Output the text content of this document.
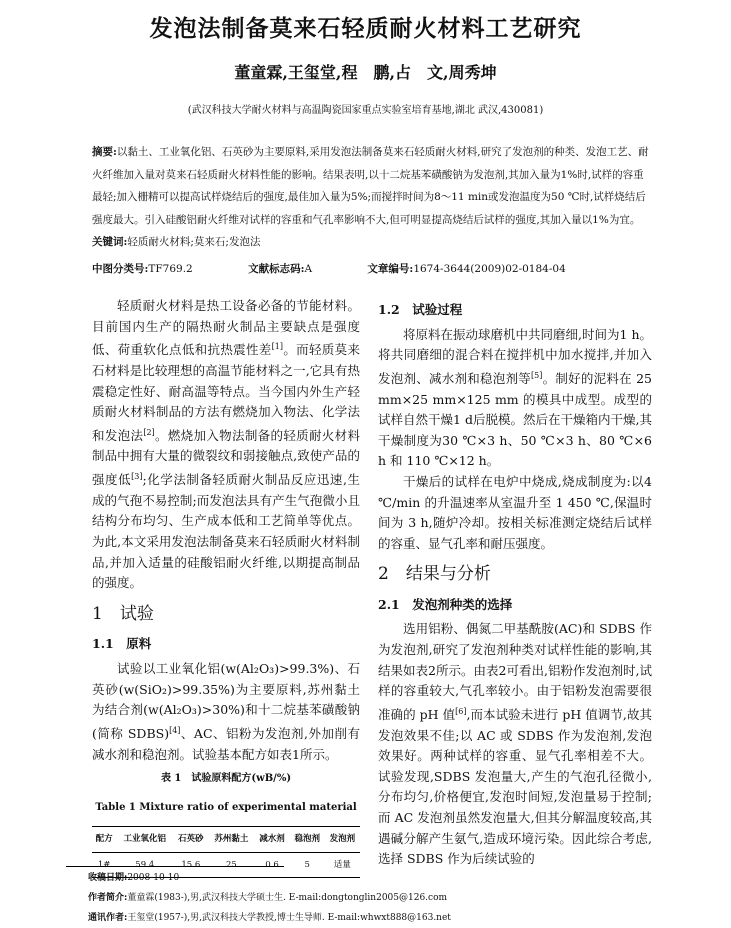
发泡法制备莫来石轻质耐火材料工艺研究
董童霖,王玺堂,程　鹏,占　文,周秀坤
(武汉科技大学耐火材料与高温陶瓷国家重点实验室培育基地,湖北 武汉,430081)

摘要:以黏土、工业氧化铝、石英砂为主要原料,采用发泡法制备莫来石轻质耐火材料,研究了发泡剂的种类、发泡工艺、耐火纤维加入量对莫来石轻质耐火材料性能的影响。结果表明,以十二烷基苯磺酸钠为发泡剂,其加入量为1%时,试样的容重最轻;加入栅精可以提高试样烧结后的强度,最佳加入量为5%;而搅拌时间为8～11 min或发泡温度为50 ℃时,试样烧结后强度最大。引入硅酸铝耐火纤维对试样的容重和气孔率影响不大,但可明显提高烧结后试样的强度,其加入量以1%为宜。

关键词:轻质耐火材料;莫来石;发泡法

中图分类号:TF769.2	文献标志码:A	文章编号:1674-3644(2009)02-0184-04

轻质耐火材料是热工设备必备的节能材料。目前国内生产的隔热耐火制品主要缺点是强度低、荷重软化点低和抗热震性差[1]。而轻质莫来石材料是比较理想的高温节能材料之一,它具有热震稳定性好、耐高温等特点。当今国内外生产轻质耐火材料制品的方法有燃烧加入物法、化学法和发泡法[2]。燃烧加入物法制备的轻质耐火材料制品中拥有大量的微裂纹和弱接触点,致使产品的强度低[3];化学法制备轻质耐火制品反应迅速,生成的气孢不易控制;而发泡法具有产生气孢微小且结构分布均匀、生产成本低和工艺简单等优点。为此,本文采用发泡法制备莫来石轻质耐火材料制品,并加入适量的硅酸铝耐火纤维,以期提高制品的强度。

1　试验
1.1　原料

试验以工业氧化铝(w(Al₂O₃)>99.3%)、石英砂(w(SiO₂)>99.35%)为主要原料,苏州黏土为结合剂(w(Al₂O₃)>30%)和十二烷基苯磺酸钠(简称 SDBS)[4]、AC、铝粉为发泡剂,外加削有减水剂和稳泡剂。试验基本配方如表1所示。

表 1　试验原料配方(wB/%)
Table 1 Mixture ratio of experimental material
配方	工业氧化铝	石英砂	苏州黏土	减水剂	稳泡剂	发泡剂
1#	59.4	15.6	25	0.6	5	适量
1.2　试验过程

将原料在振动球磨机中共同磨细,时间为1 h。将共同磨细的混合料在搅拌机中加水搅拌,并加入发泡剂、减水剂和稳泡剂等[5]。制好的泥料在 25 mm×25 mm×125 mm 的模具中成型。成型的试样自然干燥1 d后脱模。然后在干燥箱内干燥,其干燥制度为30 ℃×3 h、50 ℃×3 h、80 ℃×6 h 和 110 ℃×12 h。

干燥后的试样在电炉中烧成,烧成制度为:以4 ℃/min 的升温速率从室温升至 1 450 ℃,保温时间为 3 h,随炉冷却。按相关标准测定烧结后试样的容重、显气孔率和耐压强度。

2　结果与分析
2.1　发泡剂种类的选择

选用铝粉、偶氮二甲基酰胺(AC)和 SDBS 作为发泡剂,研究了发泡剂种类对试样性能的影响,其结果如表2所示。由表2可看出,铝粉作发泡剂时,试样的容重较大,气孔率较小。由于铝粉发泡需要很准确的 pH 值[6],而本试验未进行 pH 值调节,故其发泡效果不佳;以 AC 或 SDBS 作为发泡剂,发泡效果好。两种试样的容重、显气孔率相差不大。试验发现,SDBS 发泡量大,产生的气泡孔径微小,分布均匀,价格便宜,发泡时间短,发泡量易于控制;而 AC 发泡剂虽然发泡量大,但其分解温度较高,其遇碱分解产生氨气,造成环境污染。因此综合考虑,选择 SDBS 作为后续试验的

收稿日期:2008-10-10

作者简介:董童霖(1983-),男,武汉科技大学硕士生. E-mail:dongtonglin2005@126.com

通讯作者:王玺堂(1957-),男,武汉科技大学教授,博士生导师. E-mail:whwxt888@163.net
